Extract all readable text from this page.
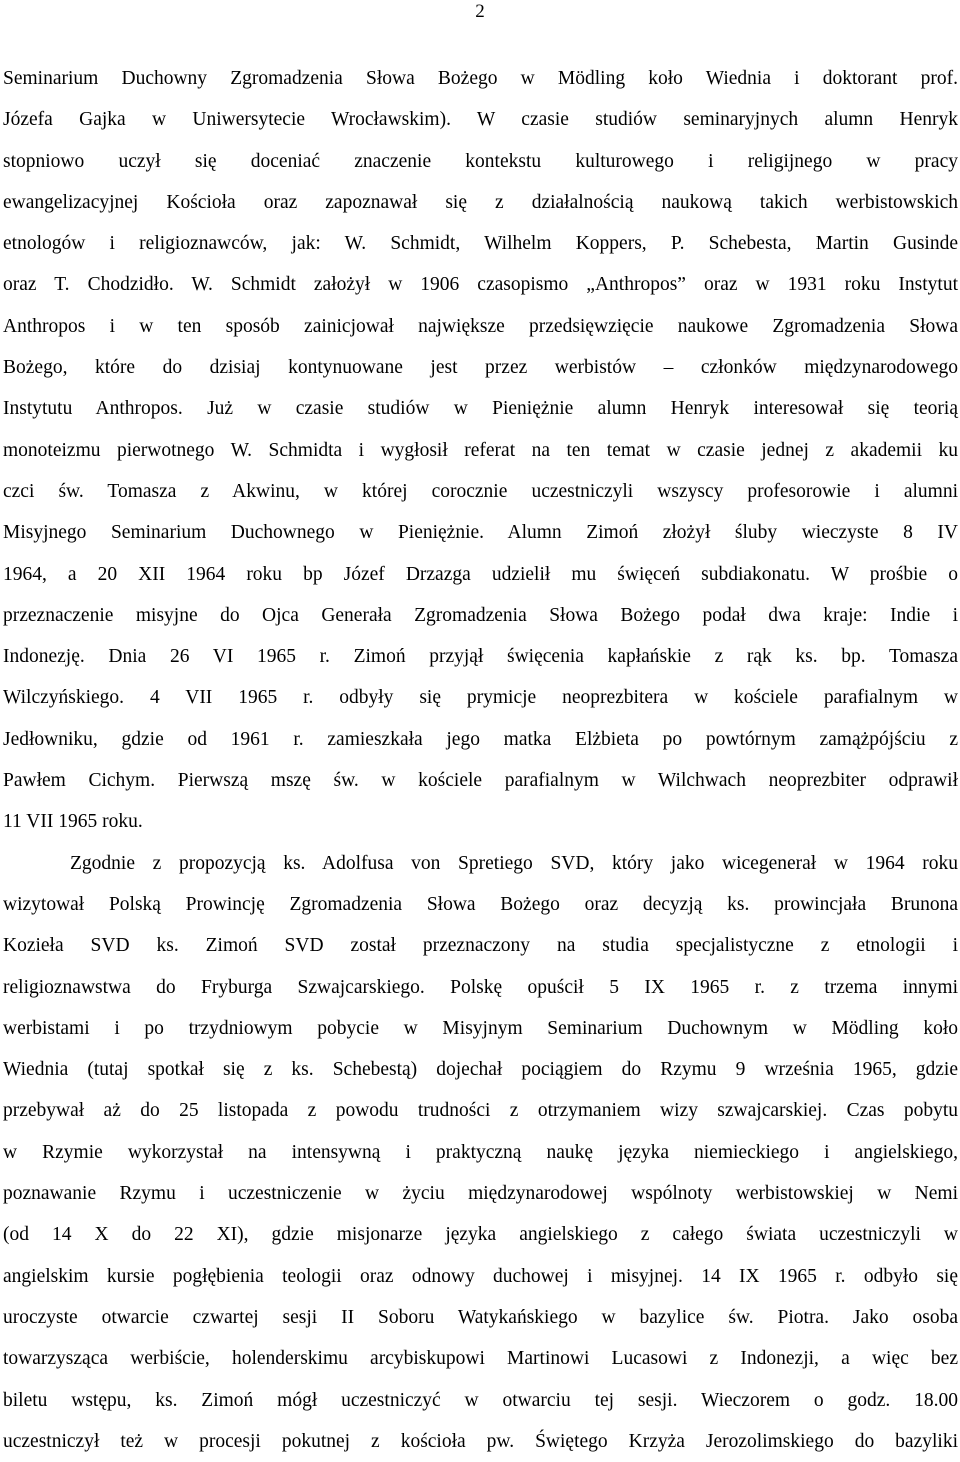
2
Seminarium Duchowny Zgromadzenia Słowa Bożego w Mödling koło Wiednia i doktorant prof.
Józefa Gajka w Uniwersytecie Wrocławskim). W czasie studiów seminaryjnych alumn Henryk
stopniowo uczył się doceniać znaczenie kontekstu kulturowego i religijnego w pracy
ewangelizacyjnej Kościoła oraz zapoznawał się z działalnością naukową takich werbistowskich
etnologów i religioznawców, jak: W. Schmidt, Wilhelm Koppers, P. Schebesta, Martin Gusinde
oraz T. Chodzidło. W. Schmidt założył w 1906 czasopismo „Anthropos” oraz w 1931 roku Instytut
Anthropos i w ten sposób zainicjował największe przedsięwzięcie naukowe Zgromadzenia Słowa
Bożego, które do dzisiaj kontynuowane jest przez werbistów – członków międzynarodowego
Instytutu Anthropos. Już w czasie studiów w Pieniężnie alumn Henryk interesował się teorią
monoteizmu pierwotnego W. Schmidta i wygłosił referat na ten temat w czasie jednej z akademii ku
czci św. Tomasza z Akwinu, w której corocznie uczestniczyli wszyscy profesorowie i alumni
Misyjnego Seminarium Duchownego w Pieniężnie. Alumn Zimoń złożył śluby wieczyste 8 IV
1964, a 20 XII 1964 roku bp Józef Drzazga udzielił mu święceń subdiakonatu. W prośbie o
przeznaczenie misyjne do Ojca Generała Zgromadzenia Słowa Bożego podał dwa kraje: Indie i
Indonezję. Dnia 26 VI 1965 r. Zimoń przyjął święcenia kapłańskie z rąk ks. bp. Tomasza
Wilczyńskiego. 4 VII 1965 r. odbyły się prymicje neoprezbitera w kościele parafialnym w
Jedłowniku, gdzie od 1961 r. zamieszkała jego matka Elżbieta po powtórnym zamążpójściu z
Pawłem Cichym. Pierwszą mszę św. w kościele parafialnym w Wilchwach neoprezbiter odprawił
11 VII 1965 roku.
Zgodnie z propozycją ks. Adolfusa von Spretiego SVD, który jako wicegenerał w 1964 roku
wizytował Polską Prowincję Zgromadzenia Słowa Bożego oraz decyzją ks. prowincjała Brunona
Kozieła SVD ks. Zimoń SVD został przeznaczony na studia specjalistyczne z etnologii i
religioznawstwa do Fryburga Szwajcarskiego. Polskę opuścił 5 IX 1965 r. z trzema innymi
werbistami i po trzydniowym pobycie w Misyjnym Seminarium Duchownym w Mödling koło
Wiednia (tutaj spotkał się z ks. Schebestą) dojechał pociągiem do Rzymu 9 września 1965, gdzie
przebywał aż do 25 listopada z powodu trudności z otrzymaniem wizy szwajcarskiej. Czas pobytu
w Rzymie wykorzystał na intensywną i praktyczną naukę języka niemieckiego i angielskiego,
poznawanie Rzymu i uczestniczenie w życiu międzynarodowej wspólnoty werbistowskiej w Nemi
(od 14 X do 22 XI), gdzie misjonarze języka angielskiego z całego świata uczestniczyli w
angielskim kursie pogłębienia teologii oraz odnowy duchowej i misyjnej. 14 IX 1965 r. odbyło się
uroczyste otwarcie czwartej sesji II Soboru Watykańskiego w bazylice św. Piotra. Jako osoba
towarzysząca werbiście, holenderskimu arcybiskupowi Martinowi Lucasowi z Indonezji, a więc bez
biletu wstępu, ks. Zimoń mógł uczestniczyć w otwarciu tej sesji. Wieczorem o godz. 18.00
uczestniczył też w procesji pokutnej z kościoła pw. Świętego Krzyża Jerozolimskiego do bazyliki
